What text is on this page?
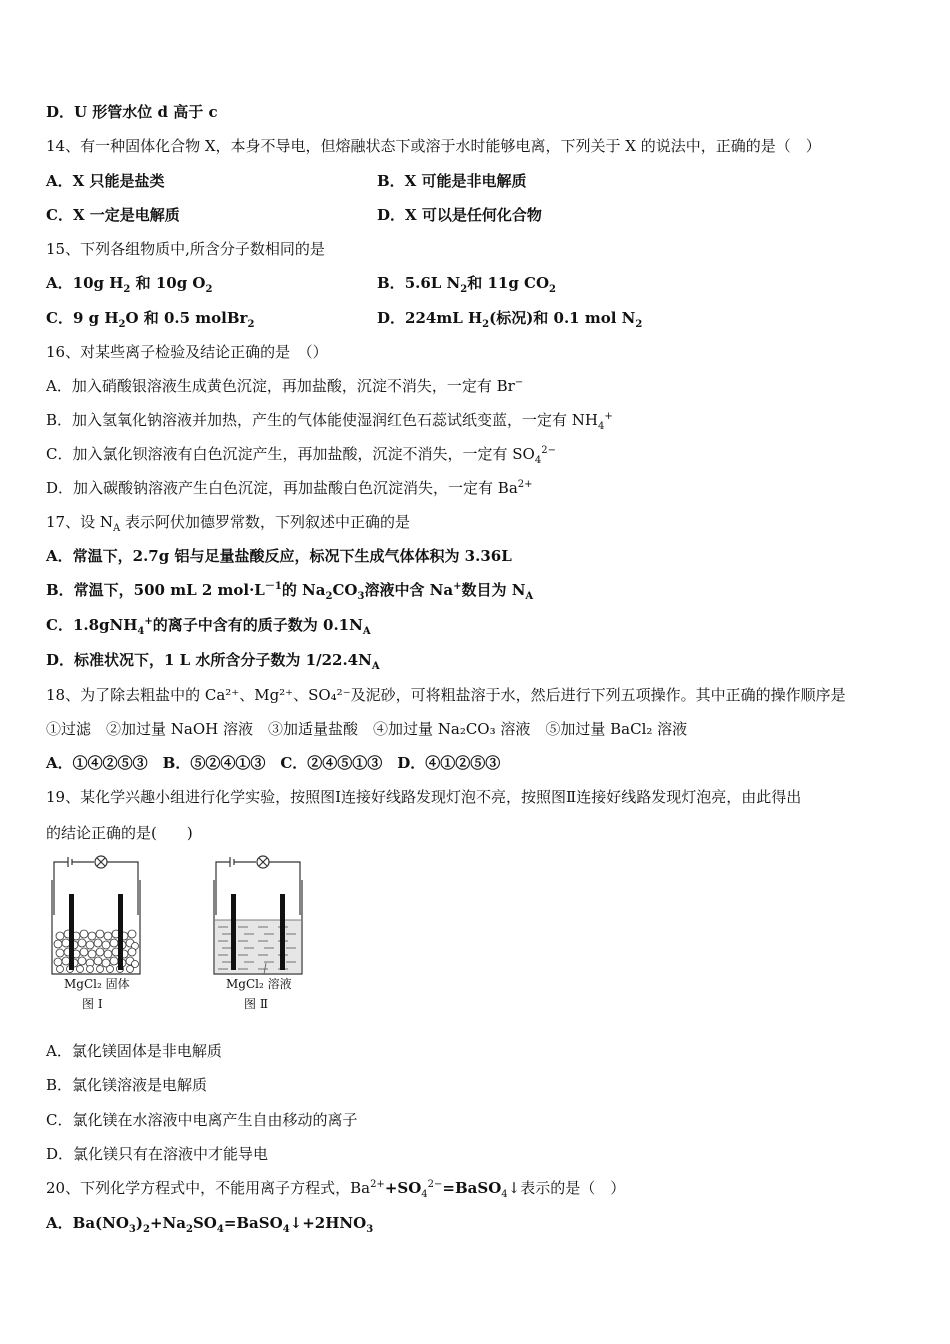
D．U 形管水位 d 高于 c
14、有一种固体化合物 X，本身不导电，但熔融状态下或溶于水时能够电离，下列关于 X 的说法中，正确的是（　）
A．X 只能是盐类	B．X 可能是非电解质
C．X 一定是电解质	D．X 可以是任何化合物
15、下列各组物质中,所含分子数相同的是
A．10g $H_2$ 和 10g $O_2$	B．5.6L $N_2$和 11g $CO_2$
C．9 g $H_2O$ 和 0.5 molBr$_2$	D．224mL $H_2$(标况)和 0.1 mol $N_2$
16、对某些离子检验及结论正确的是　（）
A．加入硝酸银溶液生成黄色沉淀，再加盐酸，沉淀不消失，一定有 Br−
B．加入氢氧化钠溶液并加热，产生的气体能使湿润红色石蕊试纸变蓝，一定有 $NH_4^+$
C．加入氯化钡溶液有白色沉淀产生，再加盐酸，沉淀不消失，一定有 $SO_4^{2-}$
D．加入碳酸钠溶液产生白色沉淀，再加盐酸白色沉淀消失，一定有 $Ba^{2+}$
17、设 $N_A$ 表示阿伏加德罗常数，下列叙述中正确的是
A．常温下，2.7g 铝与足量盐酸反应，标况下生成气体体积为 3.36L
B．常温下，500 mL 2 $mol\cdot L^{-1}$的 $Na_2CO_3$溶液中含 Na+数目为 $N_A$
C．1.8gNH$_4$+的离子中含有的质子数为 $0.1N_A$
D．标准状况下，1 L 水所含分子数为 $1/22.4N_A$
18、为了除去粗盐中的 Ca²⁺、Mg²⁺、SO₄²⁻及泥砂，可将粗盐溶于水，然后进行下列五项操作。其中正确的操作顺序是
①过滤　②加过量 NaOH 溶液　③加适量盐酸　④加过量 Na₂CO₃ 溶液　⑤加过量 BaCl₂ 溶液
A．①④②⑤③　B．⑤②④①③　C．②④⑤①③　D．④①②⑤③
19、某化学兴趣小组进行化学实验，按照图Ⅰ连接好线路发现灯泡不亮，按照图Ⅱ连接好线路发现灯泡亮，由此得出
的结论正确的是(　　)
MgCl₂ 固体
图 Ⅰ
MgCl₂ 溶液
图 Ⅱ
A．氯化镁固体是非电解质
B．氯化镁溶液是电解质
C．氯化镁在水溶液中电离产生自由移动的离子
D．氯化镁只有在溶液中才能导电
20、下列化学方程式中，不能用离子方程式，$Ba^{2+}+SO_4^{2-}=BaSO_4↓$表示的是（　）
A．$Ba(NO_3)_2+Na_2SO_4=BaSO_4↓+2HNO_3$
